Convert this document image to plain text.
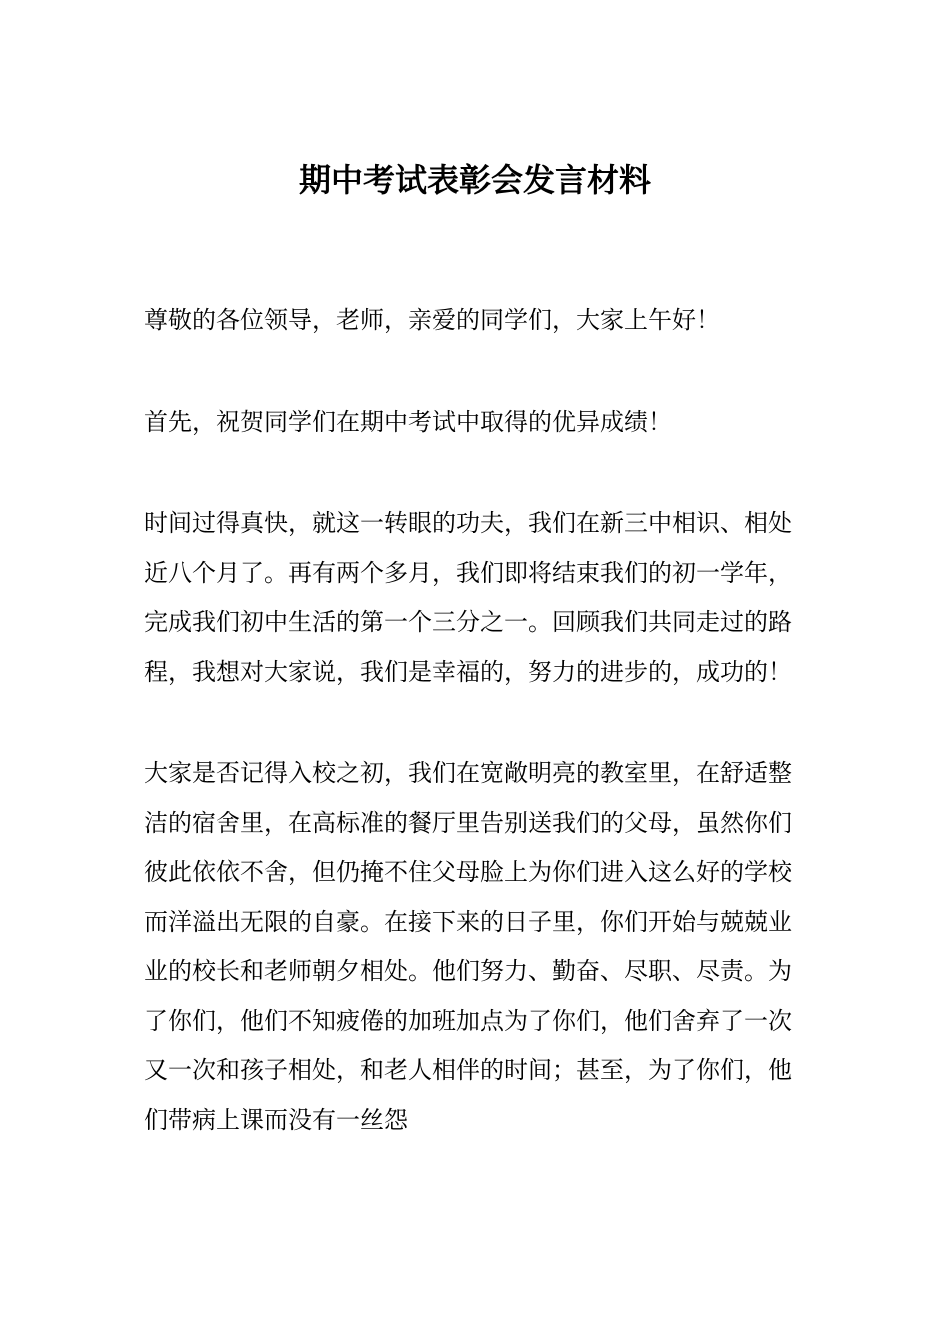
期中考试表彰会发言材料

尊敬的各位领导，老师，亲爱的同学们，大家上午好！

首先，祝贺同学们在期中考试中取得的优异成绩！

时间过得真快，就这一转眼的功夫，我们在新三中相识、相处近八个月了。再有两个多月，我们即将结束我们的初一学年，完成我们初中生活的第一个三分之一。回顾我们共同走过的路程，我想对大家说，我们是幸福的，努力的进步的，成功的！

大家是否记得入校之初，我们在宽敞明亮的教室里，在舒适整洁的宿舍里，在高标准的餐厅里告别送我们的父母，虽然你们彼此依依不舍，但仍掩不住父母脸上为你们进入这么好的学校而洋溢出无限的自豪。在接下来的日子里，你们开始与兢兢业业的校长和老师朝夕相处。他们努力、勤奋、尽职、尽责。为了你们，他们不知疲倦的加班加点为了你们，他们舍弃了一次又一次和孩子相处，和老人相伴的时间；甚至，为了你们，他们带病上课而没有一丝怨
